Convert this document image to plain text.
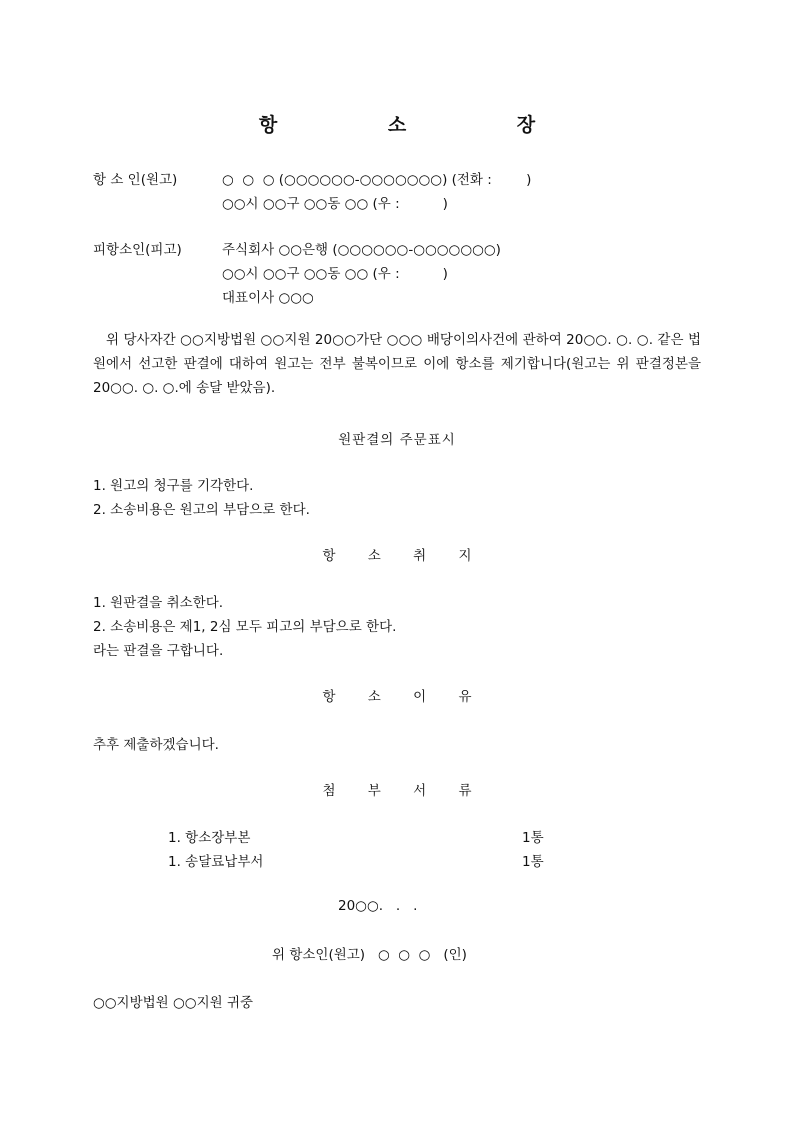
항 소 장
항 소 인(원고)	○  ○  ○ (○○○○○○-○○○○○○○) (전화 :        )
○○시 ○○구 ○○동 ○○ (우 :          )
피항소인(피고)	주식회사 ○○은행 (○○○○○○-○○○○○○○)
○○시 ○○구 ○○동 ○○ (우 :          )
대표이사 ○○○
위 당사자간 ○○지방법원 ○○지원 20○○가단 ○○○ 배당이의사건에 관하여 20○○. ○. ○. 같은 법원에서 선고한 판결에 대하여 원고는 전부 불복이므로 이에 항소를 제기합니다(원고는 위 판결정본을 20○○. ○. ○.에 송달 받았음).
원판결의 주문표시
1. 원고의 청구를 기각한다.
2. 소송비용은 원고의 부담으로 한다.
항 소 취 지
1. 원판결을 취소한다.
2. 소송비용은 제1, 2심 모두 피고의 부담으로 한다.
라는 판결을 구합니다.
항 소 이 유
추후 제출하겠습니다.
첨 부 서 류
1. 항소장부본	1통
1. 송달료납부서	1통
20○○.   .   .
위 항소인(원고)   ○  ○  ○   (인)
○○지방법원 ○○지원 귀중
